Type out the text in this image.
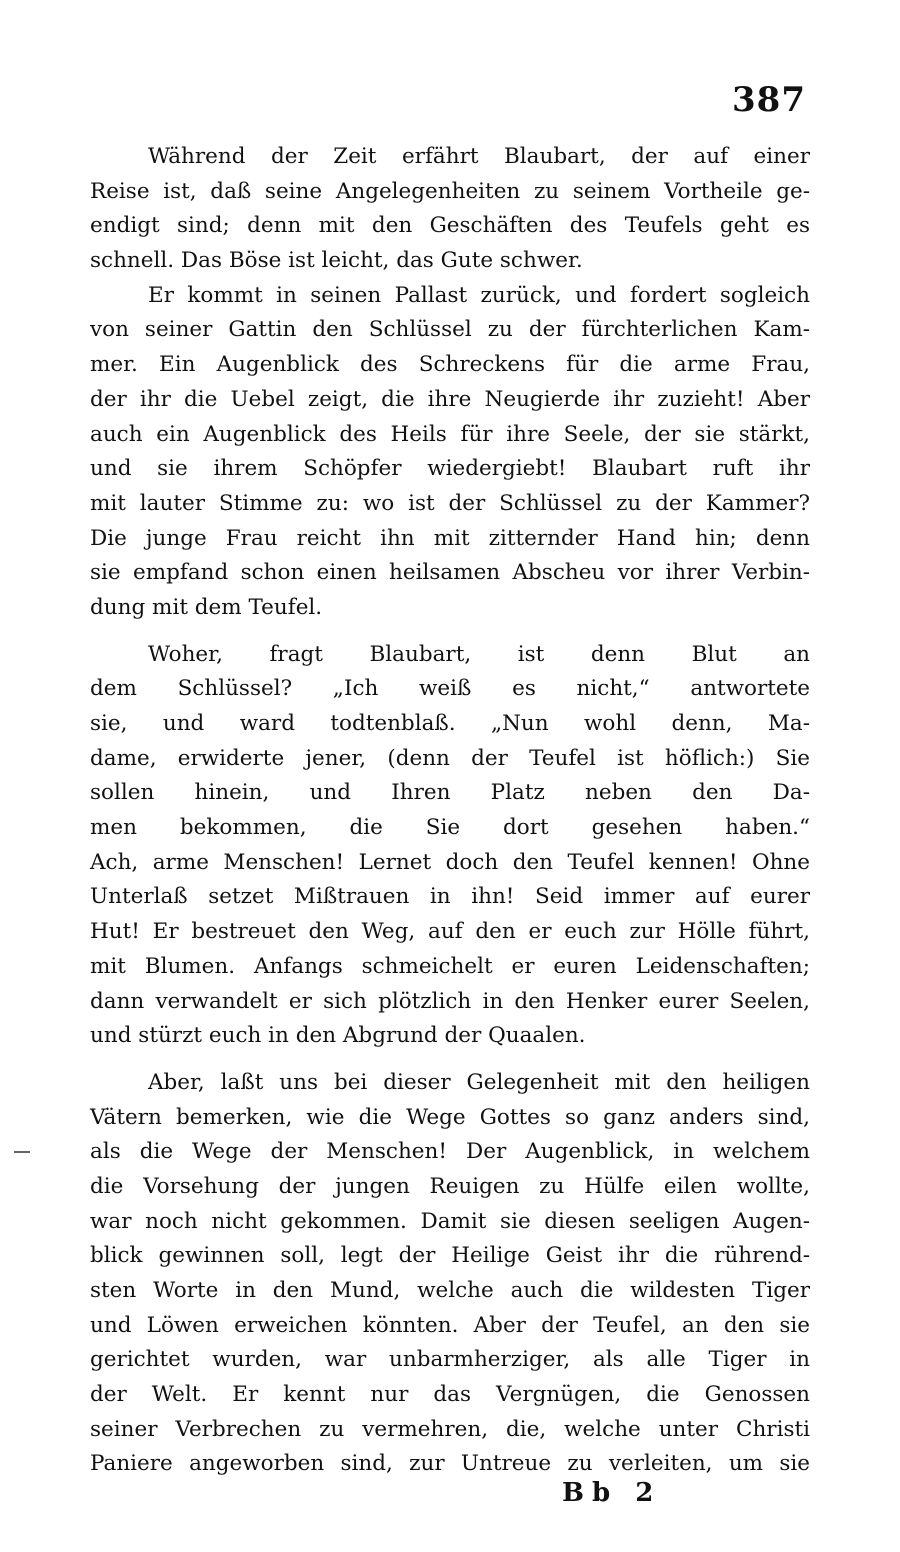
387
Während der Zeit erfährt Blaubart, der auf einer
Reise ist, daß seine Angelegenheiten zu seinem Vortheile ge-
endigt sind; denn mit den Geschäften des Teufels geht es
schnell. Das Böse ist leicht, das Gute schwer.
Er kommt in seinen Pallast zurück, und fordert sogleich
von seiner Gattin den Schlüssel zu der fürchterlichen Kam-
mer. Ein Augenblick des Schreckens für die arme Frau,
der ihr die Uebel zeigt, die ihre Neugierde ihr zuzieht! Aber
auch ein Augenblick des Heils für ihre Seele, der sie stärkt,
und sie ihrem Schöpfer wiedergiebt! Blaubart ruft ihr
mit lauter Stimme zu: wo ist der Schlüssel zu der Kammer?
Die junge Frau reicht ihn mit zitternder Hand hin; denn
sie empfand schon einen heilsamen Abscheu vor ihrer Verbin-
dung mit dem Teufel.
Woher, fragt Blaubart, ist denn Blut an
dem Schlüssel? „Ich weiß es nicht,“ antwortete
sie, und ward todtenblaß. „Nun wohl denn, Ma-
dame, erwiderte jener, (denn der Teufel ist höflich:) Sie
sollen hinein, und Ihren Platz neben den Da-
men bekommen, die Sie dort gesehen haben.“
Ach, arme Menschen! Lernet doch den Teufel kennen! Ohne
Unterlaß setzet Mißtrauen in ihn! Seid immer auf eurer
Hut! Er bestreuet den Weg, auf den er euch zur Hölle führt,
mit Blumen. Anfangs schmeichelt er euren Leidenschaften;
dann verwandelt er sich plötzlich in den Henker eurer Seelen,
und stürzt euch in den Abgrund der Quaalen.
Aber, laßt uns bei dieser Gelegenheit mit den heiligen
Vätern bemerken, wie die Wege Gottes so ganz anders sind,
als die Wege der Menschen! Der Augenblick, in welchem
die Vorsehung der jungen Reuigen zu Hülfe eilen wollte,
war noch nicht gekommen. Damit sie diesen seeligen Augen-
blick gewinnen soll, legt der Heilige Geist ihr die rührend-
sten Worte in den Mund, welche auch die wildesten Tiger
und Löwen erweichen könnten. Aber der Teufel, an den sie
gerichtet wurden, war unbarmherziger, als alle Tiger in
der Welt. Er kennt nur das Vergnügen, die Genossen
seiner Verbrechen zu vermehren, die, welche unter Christi
Paniere angeworben sind, zur Untreue zu verleiten, um sie
Bb 2
